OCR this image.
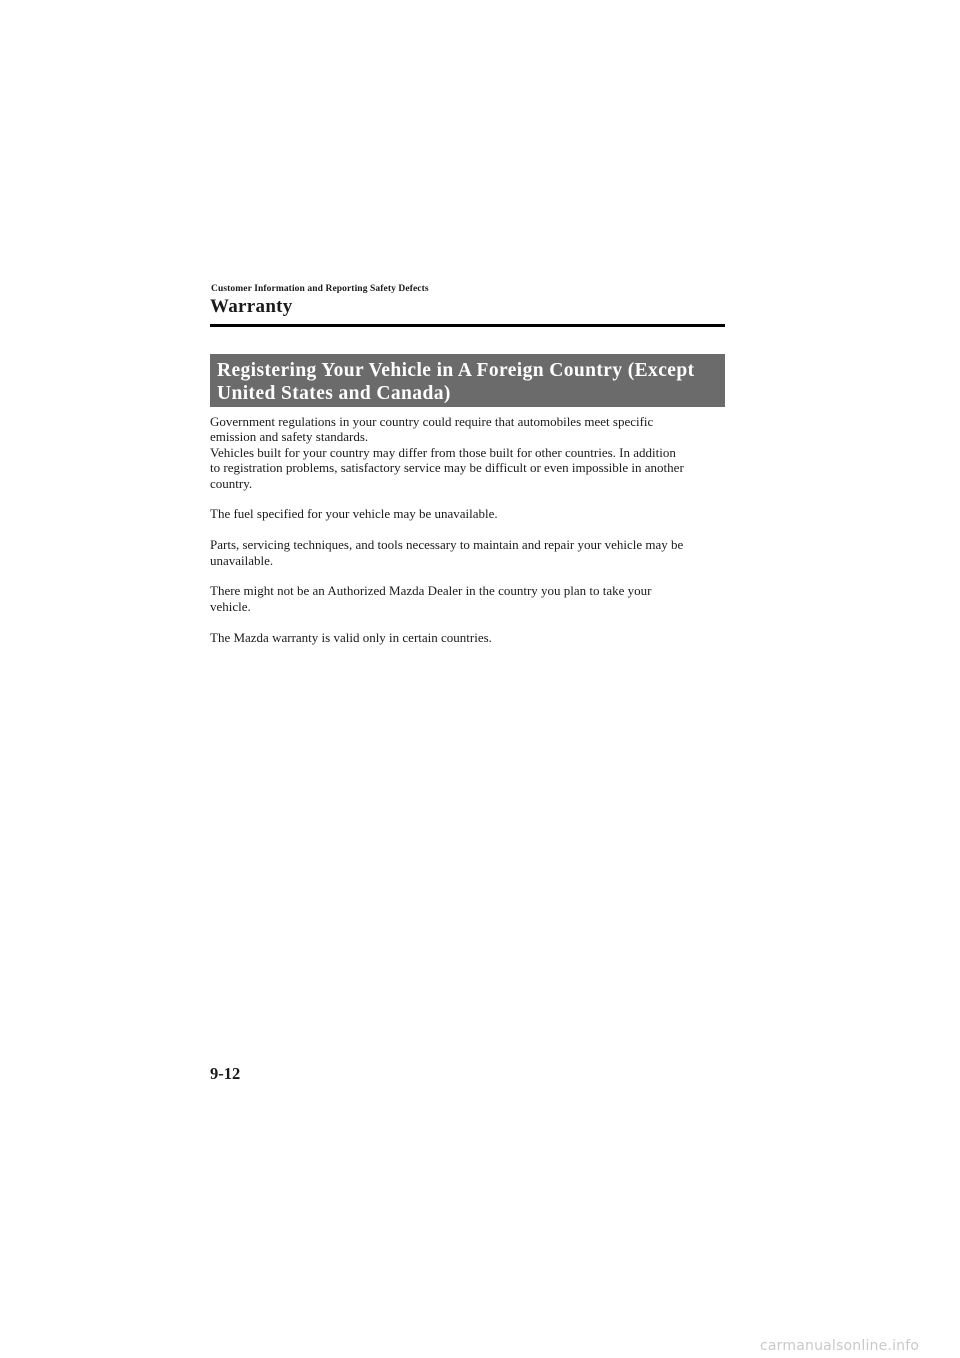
Customer Information and Reporting Safety Defects
Warranty
Registering Your Vehicle in A Foreign Country (Except
United States and Canada)

Government regulations in your country could require that automobiles meet specific
emission and safety standards.
Vehicles built for your country may differ from those built for other countries. In addition
to registration problems, satisfactory service may be difficult or even impossible in another
country.

The fuel specified for your vehicle may be unavailable.

Parts, servicing techniques, and tools necessary to maintain and repair your vehicle may be
unavailable.

There might not be an Authorized Mazda Dealer in the country you plan to take your
vehicle.

The Mazda warranty is valid only in certain countries.

9-12
carmanualsonline.info
